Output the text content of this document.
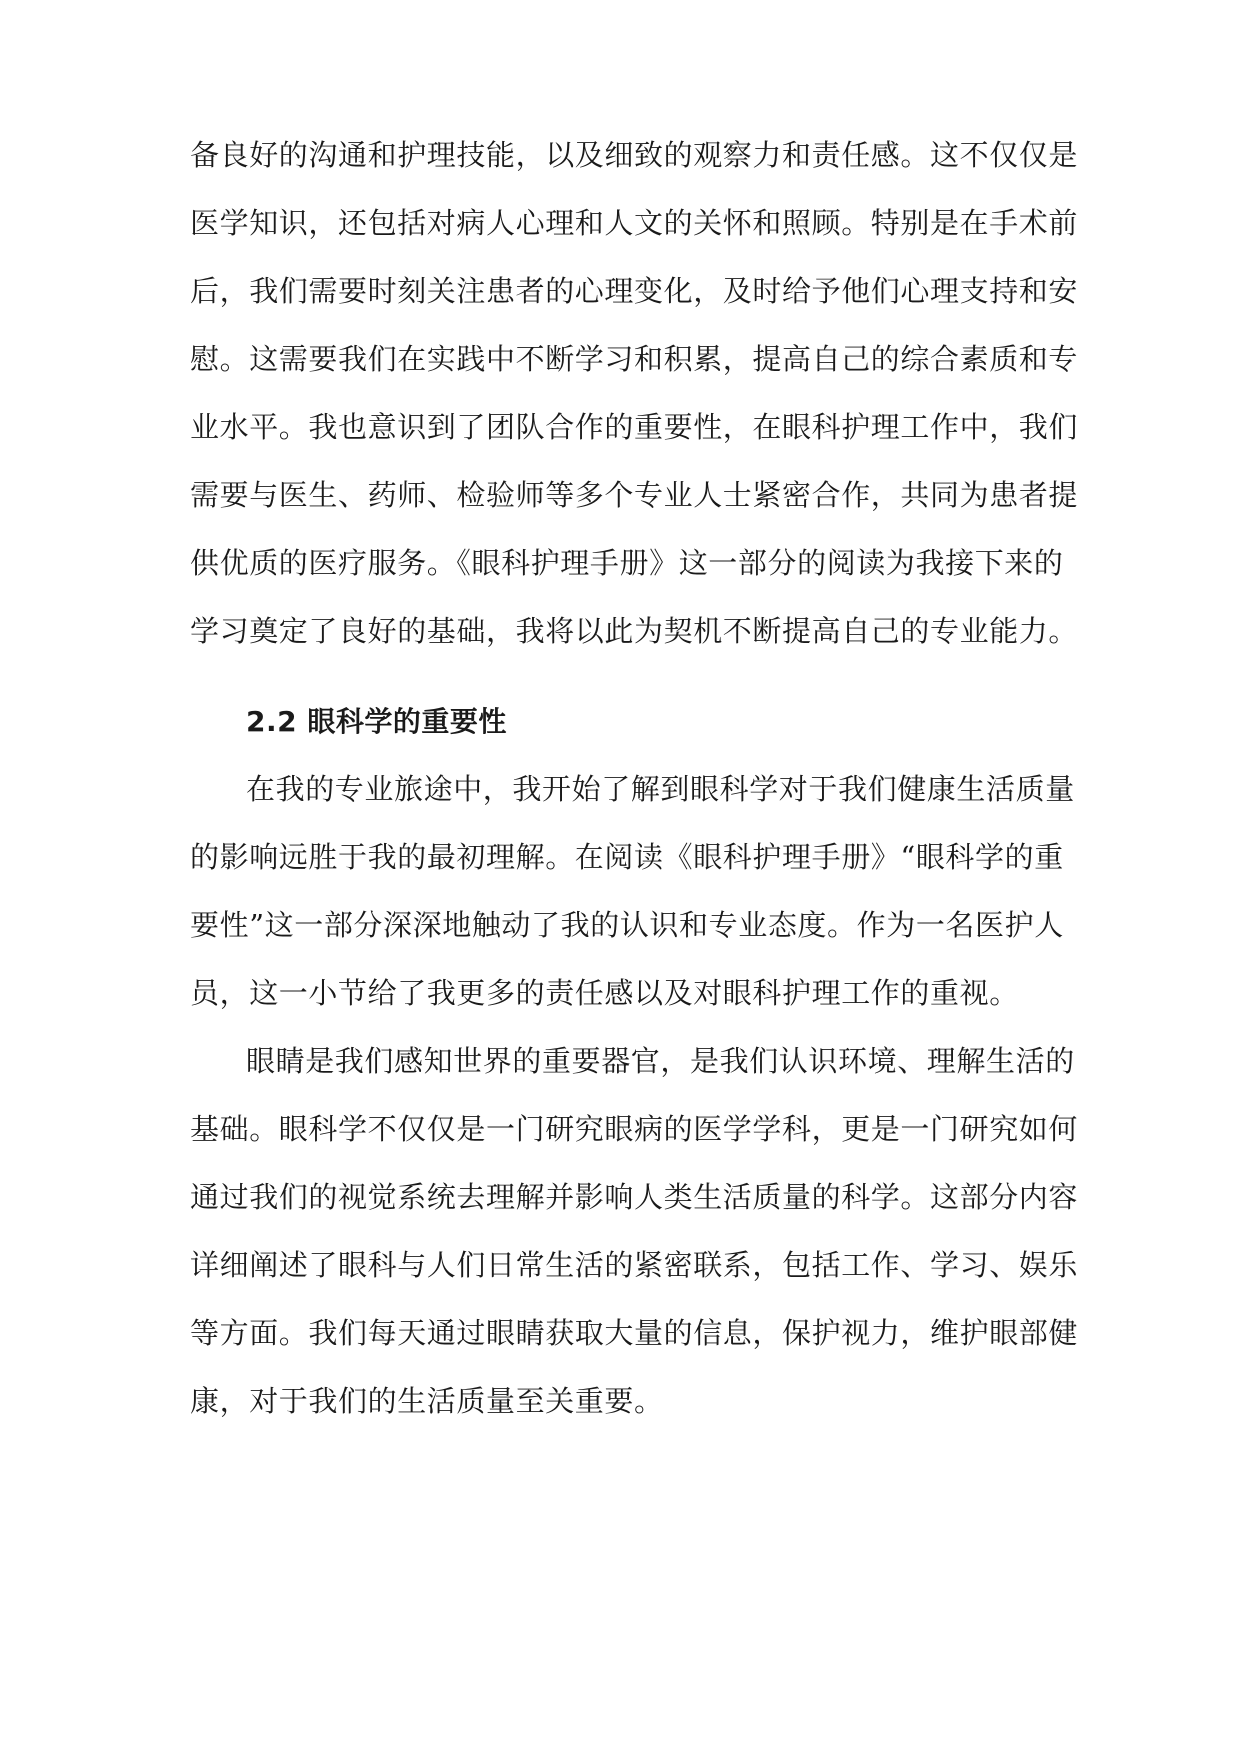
备良好的沟通和护理技能，以及细致的观察力和责任感。这不仅仅是
医学知识，还包括对病人心理和人文的关怀和照顾。特别是在手术前
后，我们需要时刻关注患者的心理变化，及时给予他们心理支持和安
慰。这需要我们在实践中不断学习和积累，提高自己的综合素质和专
业水平。我也意识到了团队合作的重要性，在眼科护理工作中，我们
需要与医生、药师、检验师等多个专业人士紧密合作，共同为患者提
供优质的医疗服务。《眼科护理手册》这一部分的阅读为我接下来的
学习奠定了良好的基础，我将以此为契机不断提高自己的专业能力。
2.2 眼科学的重要性
在我的专业旅途中，我开始了解到眼科学对于我们健康生活质量
的影响远胜于我的最初理解。在阅读《眼科护理手册》“眼科学的重
要性”这一部分深深地触动了我的认识和专业态度。作为一名医护人
员，这一小节给了我更多的责任感以及对眼科护理工作的重视。
眼睛是我们感知世界的重要器官，是我们认识环境、理解生活的
基础。眼科学不仅仅是一门研究眼病的医学学科，更是一门研究如何
通过我们的视觉系统去理解并影响人类生活质量的科学。这部分内容
详细阐述了眼科与人们日常生活的紧密联系，包括工作、学习、娱乐
等方面。我们每天通过眼睛获取大量的信息，保护视力，维护眼部健
康，对于我们的生活质量至关重要。
